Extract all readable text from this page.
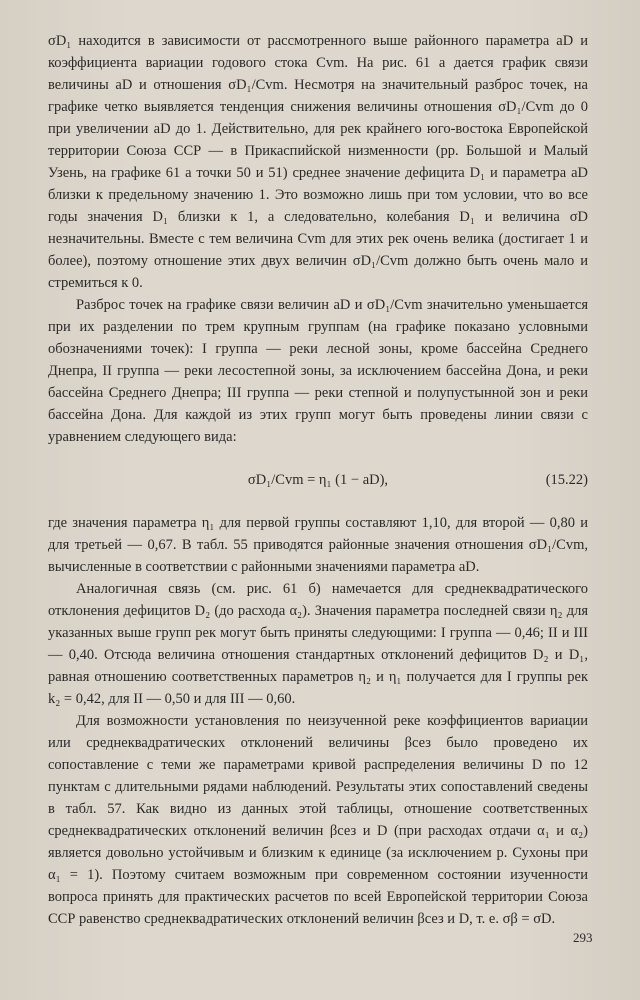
σD₁ находится в зависимости от рассмотренного выше районного параметра aD и коэффициента вариации годового стока Cvm. На рис. 61 а дается график связи величины aD и отношения σD₁/Cvm. Несмотря на значительный разброс точек, на графике четко выявляется тенденция снижения величины отношения σD₁/Cvm до 0 при увеличении aD до 1. Действительно, для рек крайнего юго-востока Европейской территории Союза ССР — в Прикаспийской низменности (рр. Большой и Малый Узень, на графике 61 а точки 50 и 51) среднее значение дефицита D₁ и параметра aD близки к предельному значению 1. Это возможно лишь при том условии, что во все годы значения D₁ близки к 1, а следовательно, колебания D₁ и величина σD незначительны. Вместе с тем величина Cvm для этих рек очень велика (достигает 1 и более), поэтому отношение этих двух величин σD₁/Cvm должно быть очень мало и стремиться к 0.

Разброс точек на графике связи величин aD и σD₁/Cvm значительно уменьшается при их разделении по трем крупным группам (на графике показано условными обозначениями точек): I группа — реки лесной зоны, кроме бассейна Среднего Днепра, II группа — реки лесостепной зоны, за исключением бассейна Дона, и реки бассейна Среднего Днепра; III группа — реки степной и полупустынной зон и реки бассейна Дона. Для каждой из этих групп могут быть проведены линии связи с уравнением следующего вида:

σD₁/Cvm = η₁ (1 − aD),	(15.22)

где значения параметра η₁ для первой группы составляют 1,10, для второй — 0,80 и для третьей — 0,67. В табл. 55 приводятся районные значения отношения σD₁/Cvm, вычисленные в соответствии с районными значениями параметра aD.

Аналогичная связь (см. рис. 61 б) намечается для среднеквадратического отклонения дефицитов D₂ (до расхода α₂). Значения параметра последней связи η₂ для указанных выше групп рек могут быть приняты следующими: I группа — 0,46; II и III — 0,40. Отсюда величина отношения стандартных отклонений дефицитов D₂ и D₁, равная отношению соответственных параметров η₂ и η₁ получается для I группы рек k₂ = 0,42, для II — 0,50 и для III — 0,60.

Для возможности установления по неизученной реке коэффициентов вариации или среднеквадратических отклонений величины βсез было проведено их сопоставление с теми же параметрами кривой распределения величины D по 12 пунктам с длительными рядами наблюдений. Результаты этих сопоставлений сведены в табл. 57. Как видно из данных этой таблицы, отношение соответственных среднеквадратических отклонений величин βсез и D (при расходах отдачи α₁ и α₂) является довольно устойчивым и близким к единице (за исключением р. Сухоны при α₁ = 1). Поэтому считаем возможным при современном состоянии изученности вопроса принять для практических расчетов по всей Европейской территории Союза ССР равенство среднеквадратических отклонений величин βсез и D, т. е. σβ = σD.

293
